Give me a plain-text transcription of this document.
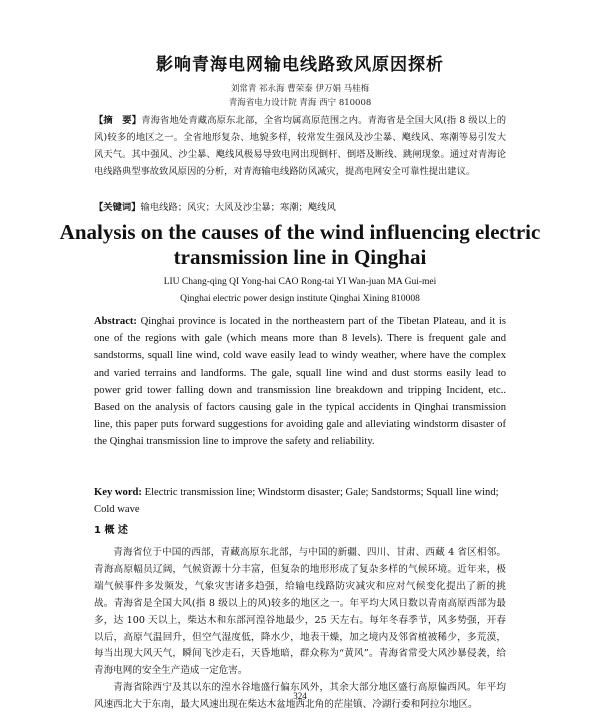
影响青海电网输电线路致风原因探析
刘常青 祁永海 曹荣泰 伊万娟 马桂梅
青海省电力设计院 青海 西宁 810008
【摘　要】青海省地处青藏高原东北部，全省均属高原范围之内。青海省是全国大风(指 8 级以上的风)较多的地区之一。全省地形复杂、地貌多样，较常发生强风及沙尘暴、飑线风、寒潮等易引发大风天气。其中强风、沙尘暴、飑线风极易导致电网出现倒杆、倒塔及断线、跳闸现象。通过对青海论电线路典型事故致风原因的分析，对青海输电线路防风减灾，提高电网安全可靠性提出建议。
【关键词】输电线路；风灾；大风及沙尘暴；寒潮；飑线风
Analysis on the causes of the wind influencing electric transmission line in Qinghai
LIU Chang-qing QI Yong-hai CAO Rong-tai YI Wan-juan MA Gui-mei
Qinghai electric power design institute Qinghai Xining 810008
Abstract: Qinghai province is located in the northeastern part of the Tibetan Plateau, and it is one of the regions with gale (which means more than 8 levels). There is frequent gale and sandstorms, squall line wind, cold wave easily lead to windy weather, where have the complex and varied terrains and landforms. The gale, squall line wind and dust storms easily lead to power grid tower falling down and transmission line breakdown and tripping Incident, etc.. Based on the analysis of factors causing gale in the typical accidents in Qinghai transmission line, this paper puts forward suggestions for avoiding gale and alleviating windstorm disaster of the Qinghai transmission line to improve the safety and reliability.
Key word: Electric transmission line; Windstorm disaster; Gale; Sandstorms; Squall line wind; Cold wave
1 概 述

青海省位于中国的西部，青藏高原东北部，与中国的新疆、四川、甘肃、西藏 4 省区相邻。青海高原幅员辽阔，气候资源十分丰富，但复杂的地形形成了复杂多样的气候环境。近年来，极端气候事件多发频发，气象灾害诸多趋强，给输电线路防灾减灾和应对气候变化提出了新的挑战。青海省是全国大风(指 8 级以上的风)较多的地区之一。年平均大风日数以青南高原西部为最多，达 100 天以上，柴达木和东部河湟谷地最少，25 天左右。每年冬春季节，风多势强，开春以后，高原气温回升，但空气湿度低，降水少，地表干燥，加之境内及邻省植被稀少，多荒漠，每当出现大风天气，瞬间飞沙走石，天昏地暗，群众称为“黄风”。青海省常受大风沙暴侵袭，给青海电网的安全生产造成一定危害。

青海省除西宁及其以东的湟水谷地盛行偏东风外，其余大部分地区盛行高原偏西风。年平均风速西北大于东南，最大风速出现在柴达木盆地西北角的茫崖镇、冷湖行委和阿拉尔地区。

324
